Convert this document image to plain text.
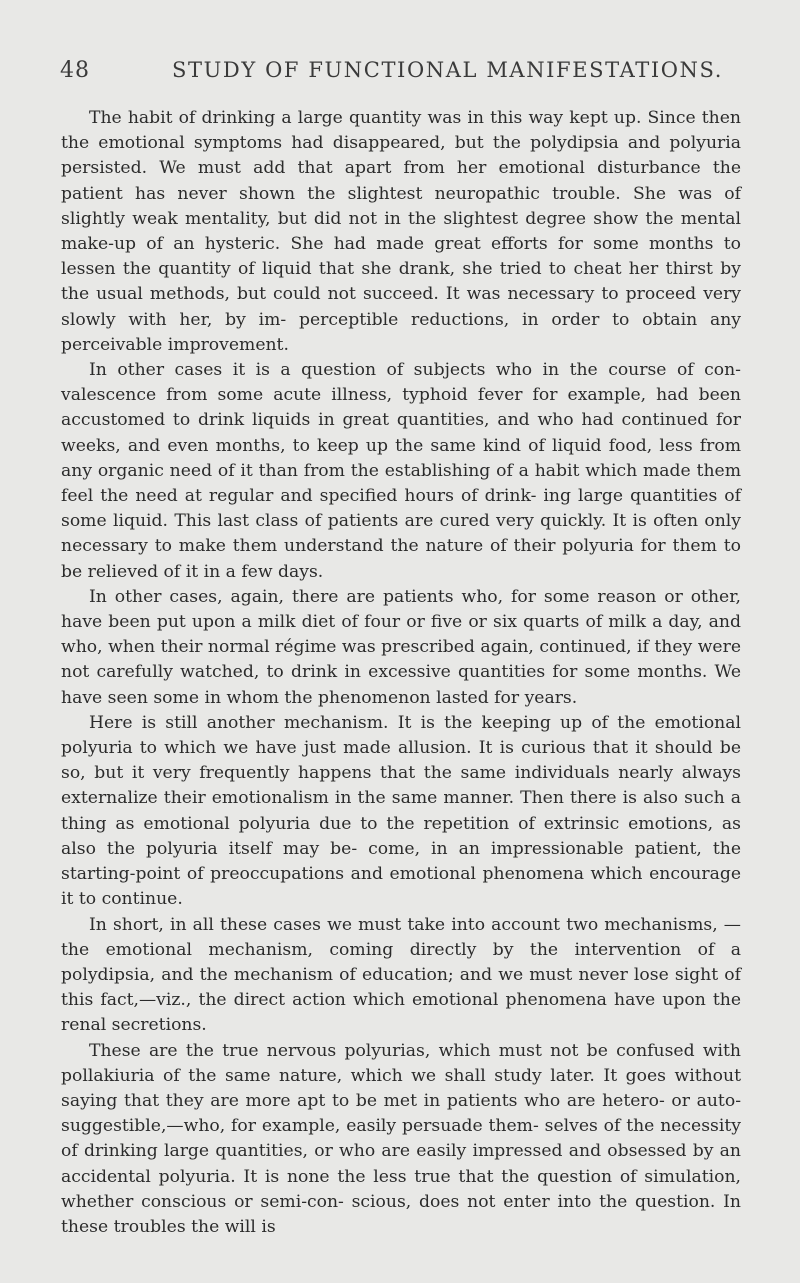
48	STUDY OF FUNCTIONAL MANIFESTATIONS.

The habit of drinking a large quantity was in this way kept up. Since then the emotional symptoms had disappeared, but the polydipsia and polyuria persisted. We must add that apart from her emotional disturbance the patient has never shown the slightest neuropathic trouble. She was of slightly weak mentality, but did not in the slightest degree show the mental make-up of an hysteric. She had made great efforts for some months to lessen the quantity of liquid that she drank, she tried to cheat her thirst by the usual methods, but could not succeed. It was necessary to proceed very slowly with her, by im- perceptible reductions, in order to obtain any perceivable improvement.

In other cases it is a question of subjects who in the course of con- valescence from some acute illness, typhoid fever for example, had been accustomed to drink liquids in great quantities, and who had continued for weeks, and even months, to keep up the same kind of liquid food, less from any organic need of it than from the establishing of a habit which made them feel the need at regular and specified hours of drink- ing large quantities of some liquid. This last class of patients are cured very quickly. It is often only necessary to make them understand the nature of their polyuria for them to be relieved of it in a few days.

In other cases, again, there are patients who, for some reason or other, have been put upon a milk diet of four or five or six quarts of milk a day, and who, when their normal régime was prescribed again, continued, if they were not carefully watched, to drink in excessive quantities for some months. We have seen some in whom the phenomenon lasted for years.

Here is still another mechanism. It is the keeping up of the emotional polyuria to which we have just made allusion. It is curious that it should be so, but it very frequently happens that the same individuals nearly always externalize their emotionalism in the same manner. Then there is also such a thing as emotional polyuria due to the repetition of extrinsic emotions, as also the polyuria itself may be- come, in an impressionable patient, the starting-point of preoccupations and emotional phenomena which encourage it to continue.

In short, in all these cases we must take into account two mechanisms, —the emotional mechanism, coming directly by the intervention of a polydipsia, and the mechanism of education; and we must never lose sight of this fact,—viz., the direct action which emotional phenomena have upon the renal secretions.

These are the true nervous polyurias, which must not be confused with pollakiuria of the same nature, which we shall study later. It goes without saying that they are more apt to be met in patients who are hetero- or auto-suggestible,—who, for example, easily persuade them- selves of the necessity of drinking large quantities, or who are easily impressed and obsessed by an accidental polyuria. It is none the less true that the question of simulation, whether conscious or semi-con- scious, does not enter into the question. In these troubles the will is
